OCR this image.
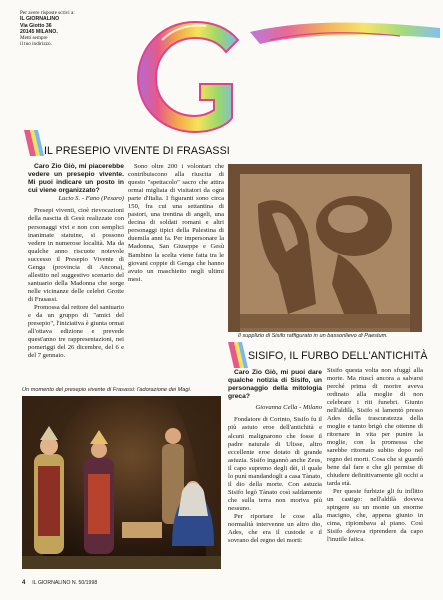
Per avere risposte scrivi a:
IL GIORNALINO
Via Giotto 36
20145 MILANO.
Metti sempre
il tuo indirizzo.
G
IL PRESEPIO VIVENTE DI FRASASSI
Caro Zio Giò, mi piacerebbe vedere un presepio vivente. Mi puoi indicare un posto in cui viene organizzato?
Lucio S. - Fano (Pesaro)

Presepi viventi, cioè rievocazioni della nascita di Gesù realizzate con personaggi vivi e non con semplici inanimate statuine, si possono vedere in numerose località. Ma da qualche anno riscuote notevole successo il Presepio Vivente di Genga (provincia di Ancona), allestito nel suggestivo scenario del santuario della Madonna che sorge nelle vicinanze delle celebri Grotte di Frasassi.

Promossa dal rettore del santuario e da un gruppo di "amici del presepio", l'iniziativa è giunta ormai all'ottava edizione e prevede quest'anno tre rappresentazioni, nei pomeriggi del 26 dicembre, del 6 e del 7 gennaio.

Sono oltre 200 i volontari che contribuiscono alla riuscita di questo "spettacolo" sacro che attira ormai migliaia di visitatori da ogni parte d'Italia. I figuranti sono circa 150, fra cui una settantina di pastori, una trentina di angeli, una decina di soldati romani e altri personaggi tipici della Palestina di duemila anni fa. Per impersonare la Madonna, San Giuseppe e Gesù Bambino la scelta viene fatta tra le giovani coppie di Genga che hanno avuto un maschietto negli ultimi mesi.

Un momento del presepio vivente di Frasassi: l'adorazione dei Magi.
Il supplizio di Sisifo raffigurato in un bassorilievo di Paestum.
SISIFO, IL FURBO DELL'ANTICHITÀ
Caro Zio Giò, mi puoi dare qualche notizia di Sisifo, un personaggio della mitologia greca?
Giovanna Cella - Milano

Fondatore di Corinto, Sisifo fu il più astuto eroe dell'antichità e alcuni malignarono che fosse il padre naturale di Ulisse, altro eccellente eroe dotato di grande astuzia. Sisifo ingannò anche Zeus, il capo supremo degli dèi, il quale lo punì mandandogli a casa Tànato, il dio della morte. Con astuzia Sisifo legò Tànato così saldamente che sulla terra non moriva più nessuno.

Per riportare le cose alla normalità intervenne un altro dio, Ades, che era il custode e il sovrano del regno dei morti:

Sisifo questa volta non sfuggì alla morte. Ma riuscì ancora a salvarsi perché prima di morire aveva ordinato alla moglie di non celebrare i riti funebri. Giunto nell'aldilà, Sisifo si lamentò presso Ades della trascuratezza della moglie e tanto brigò che ottenne di ritornare in vita per punire la moglie, con la promessa che sarebbe ritornato subito dopo nel regno dei morti. Cosa che si guardò bene dal fare e che gli permise di chiudere definitivamente gli occhi a tarda età.

Per queste furbizie gli fu inflitto un castigo: nell'aldilà doveva spingere su un monte un enorme macigno, che, appena giunto in cima, ripiombava al piano. Così Sisifo doveva riprendere da capo l'inutile fatica.

4 IL GIORNALINO N. 50/1998
